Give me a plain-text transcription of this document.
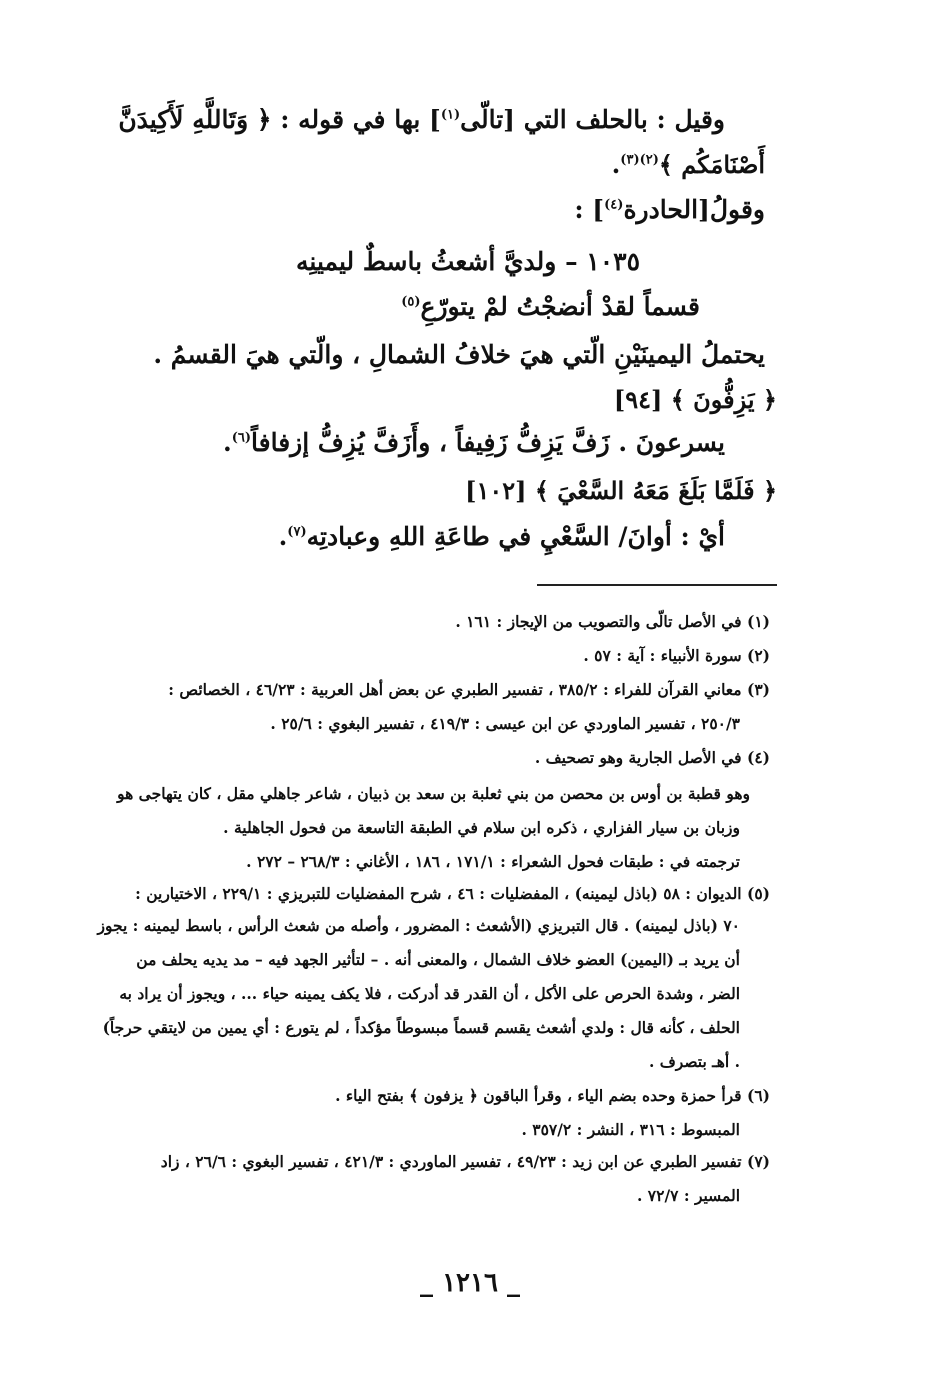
وقيل : بالحلف التي [تالّى$^{(١)}$] بها في قوله : ﴿ وَتَاللَّهِ لَأَكِيدَنَّ
أَصْنَامَكُم ﴾$^{(٢)(٣)}$.
وقولُ[الحادرة$^{(٤)}$] :
١٠٣٥ – ولديَّ أشعثُ باسطٌ ليمينِه
قسماً لقدْ أنضجْتُ لمْ يتورّعِ$^{(٥)}$
يحتملُ اليمينَيْنِ الّتي هيَ خلافُ الشمالِ ، والّتي هيَ القسمُ .
﴿ يَزِفُّونَ ﴾ [٩٤]
يسرعونَ . زَفَّ يَزِفُّ زَفِيفاً ، وأَزَفَّ يُزِفُّ إزفافاً$^{(٦)}$.
﴿ فَلَمَّا بَلَغَ مَعَهُ السَّعْيَ ﴾ [١٠٢]
أيْ : أوانَ/ السَّعْيِ في طاعَةِ اللهِ وعبادتِه$^{(٧)}$.
(١) في الأصل تالّى والتصويب من الإيجاز : ١٦١ .
(٢) سورة الأنبياء : آية : ٥٧ .
(٣) معاني القرآن للفراء : ٣٨٥/٢ ، تفسير الطبري عن بعض أهل العربية : ٤٦/٢٣ ، الخصائص :
٢٥٠/٣ ، تفسير الماوردي عن ابن عيسى : ٤١٩/٣ ، تفسير البغوي : ٢٥/٦ .
(٤) في الأصل الجارية وهو تصحيف .
وهو قطبة بن أوس بن محصن من بني ثعلبة بن سعد بن ذبيان ، شاعر جاهلي مقل ، كان يتهاجى هو
وزبان بن سيار الفزاري ، ذكره ابن سلام في الطبقة التاسعة من فحول الجاهلية .
ترجمته في : طبقات فحول الشعراء : ١٧١/١ ، ١٨٦ ، الأغاني : ٢٦٨/٣ – ٢٧٢ .
(٥) الديوان : ٥٨ (باذل ليمينه) ، المفضليات : ٤٦ ، شرح المفضليات للتبريزي : ٢٢٩/١ ، الاختيارين :
٧٠ (باذل ليمينه) . قال التبريزي (الأشعث : المضرور ، وأصله من شعث الرأس ، باسط ليمينه : يجوز
أن يريد بـ (اليمين) العضو خلاف الشمال ، والمعنى أنه . – لتأثير الجهد فيه – مد يديه يحلف من
الضر ، وشدة الحرص على الأكل ، أن القدر قد أدركت ، فلا يكف يمينه حياء ... ، ويجوز أن يراد به
الحلف ، كأنه قال : ولدي أشعث يقسم قسماً مبسوطاً مؤكداً ، لم يتورع : أي يمين من لايتقي حرجاً)
. أهـ بتصرف .
(٦) قرأ حمزة وحده بضم الياء ، وقرأ الباقون ﴿ يزفون ﴾ بفتح الياء .
المبسوط : ٣١٦ ، النشر : ٣٥٧/٢ .
(٧) تفسير الطبري عن ابن زيد : ٤٩/٢٣ ، تفسير الماوردي : ٤٢١/٣ ، تفسير البغوي : ٢٦/٦ ، زاد
المسير : ٧٢/٧ .
_ ١٢١٦ _
